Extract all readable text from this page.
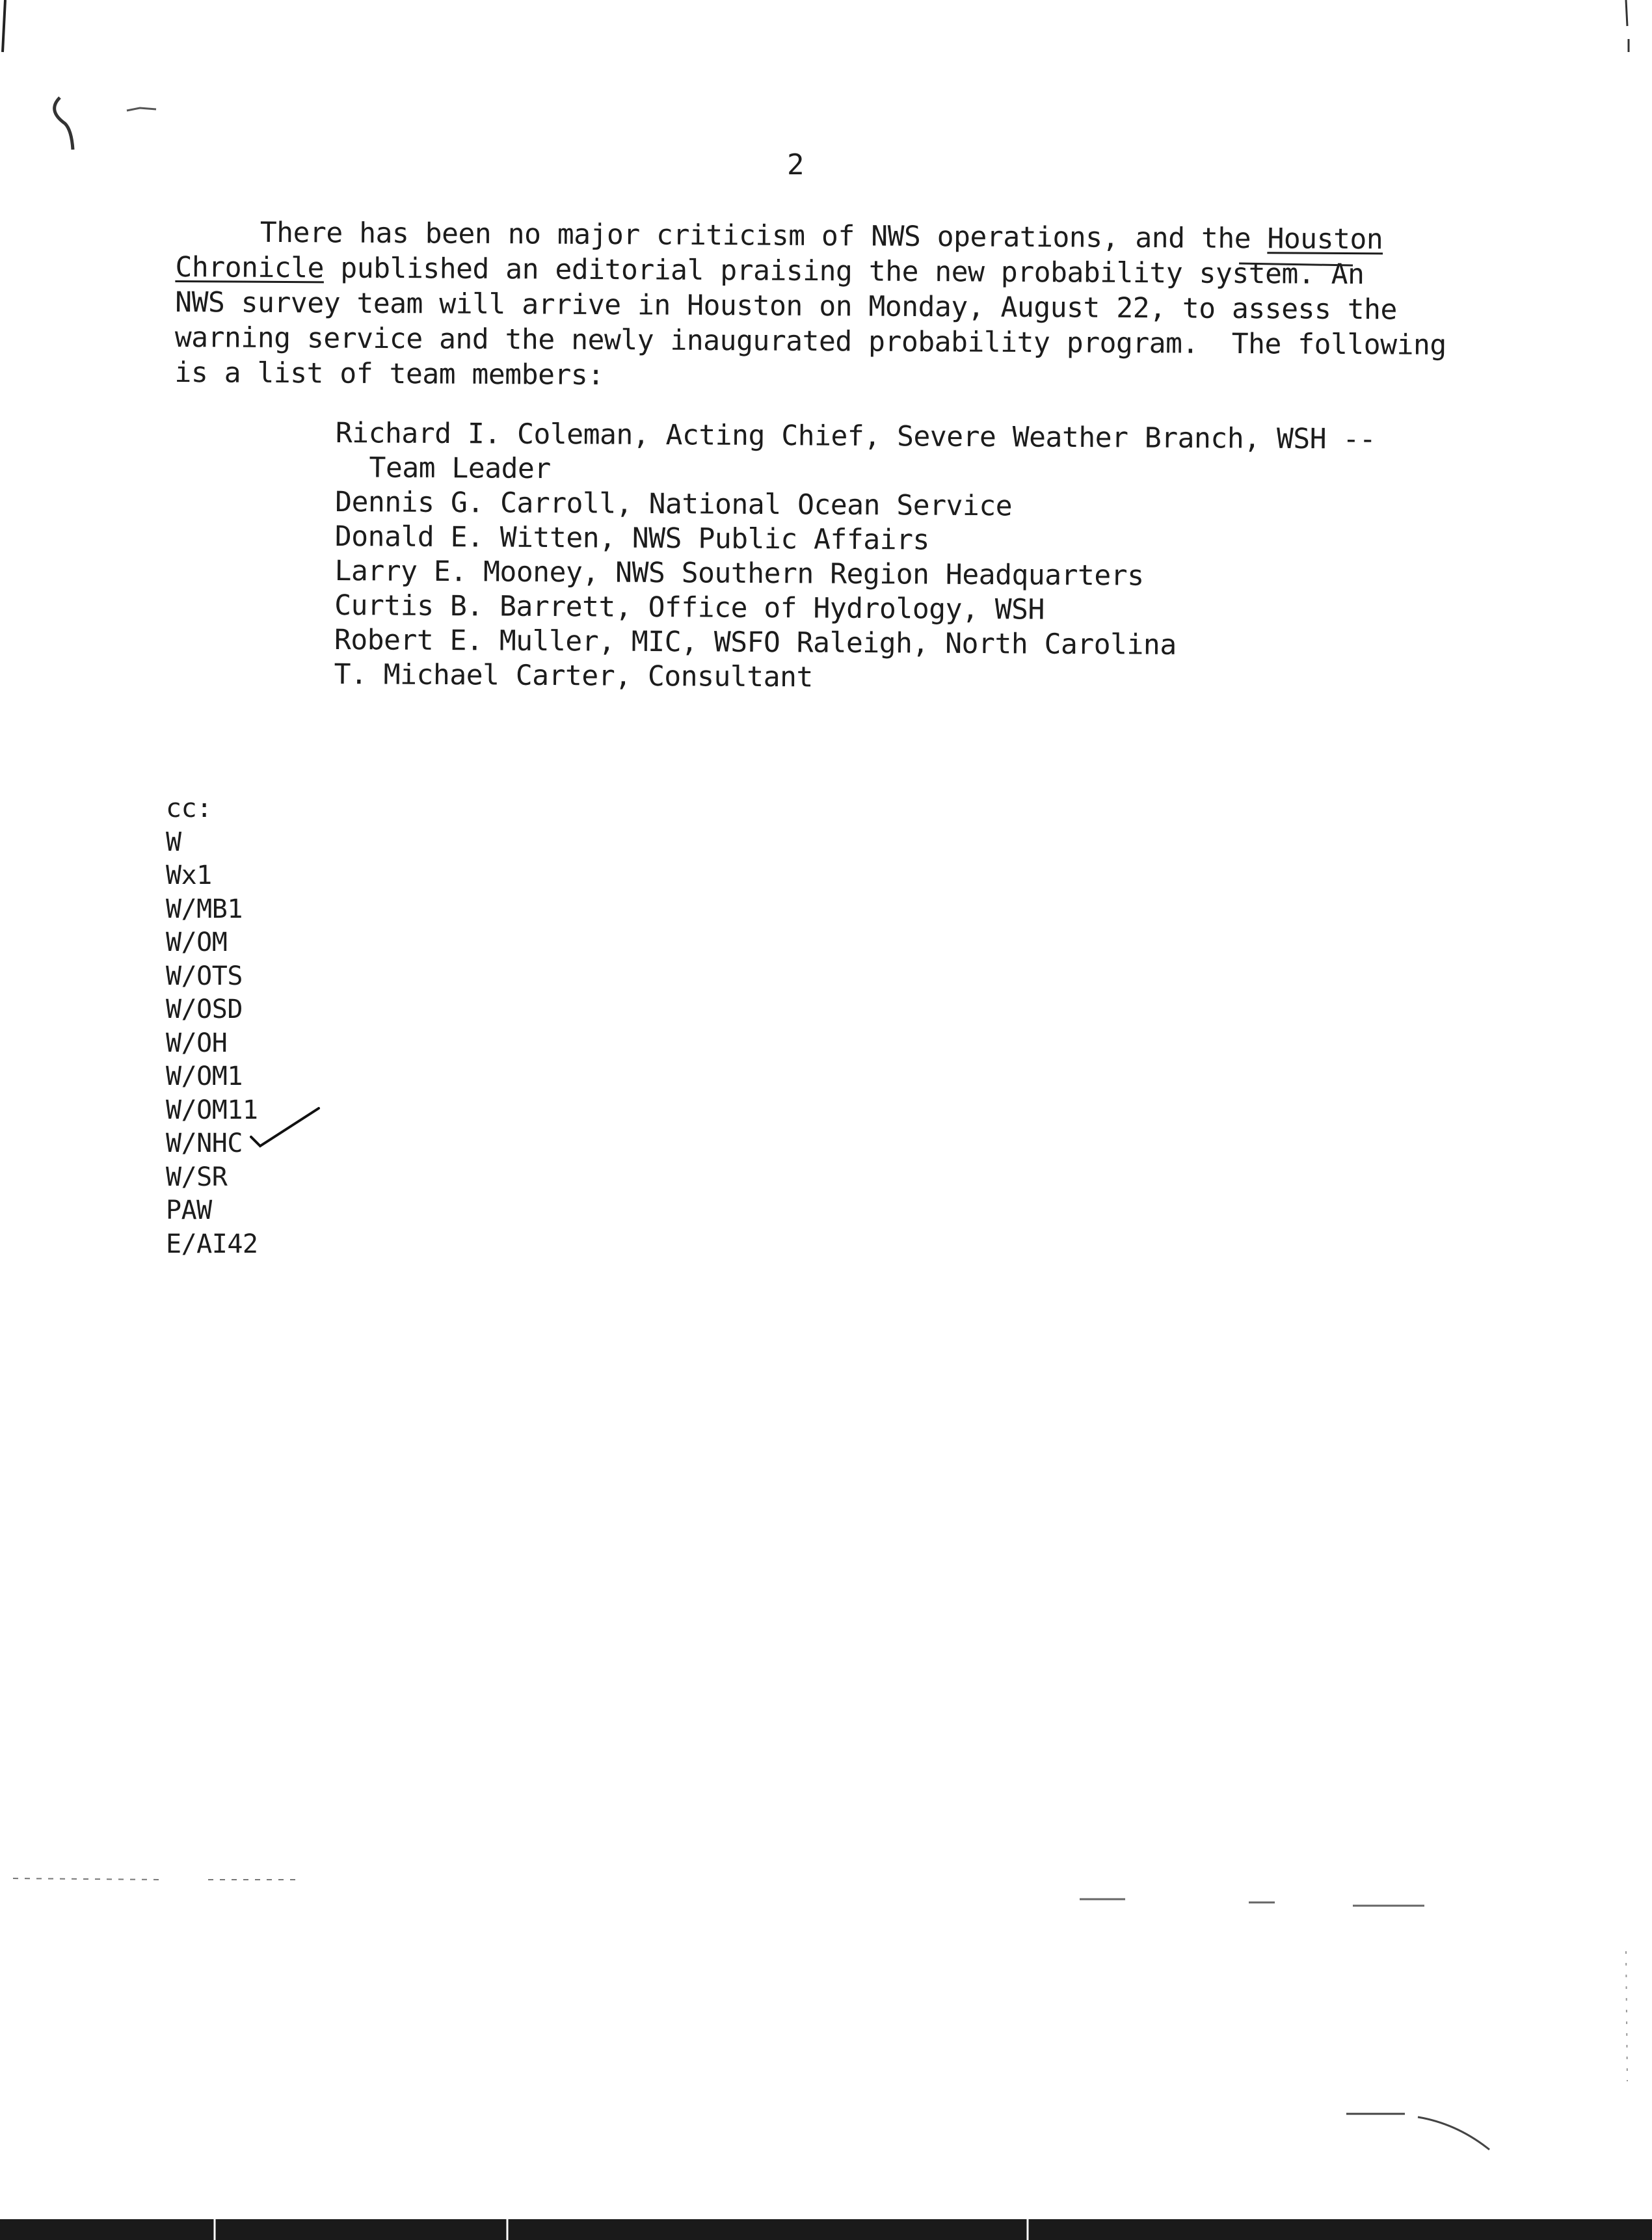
2
There has been no major criticism of NWS operations, and the Houston
Chronicle published an editorial praising the new probability system. An
NWS survey team will arrive in Houston on Monday, August 22, to assess the
warning service and the newly inaugurated probability program.  The following
is a list of team members:
Richard I. Coleman, Acting Chief, Severe Weather Branch, WSH --
Team Leader
Dennis G. Carroll, National Ocean Service
Donald E. Witten, NWS Public Affairs
Larry E. Mooney, NWS Southern Region Headquarters
Curtis B. Barrett, Office of Hydrology, WSH
Robert E. Muller, MIC, WSFO Raleigh, North Carolina
T. Michael Carter, Consultant
cc:
W
Wx1
W/MB1
W/OM
W/OTS
W/OSD
W/OH
W/OM1
W/OM11
W/NHC
W/SR
PAW
E/AI42
